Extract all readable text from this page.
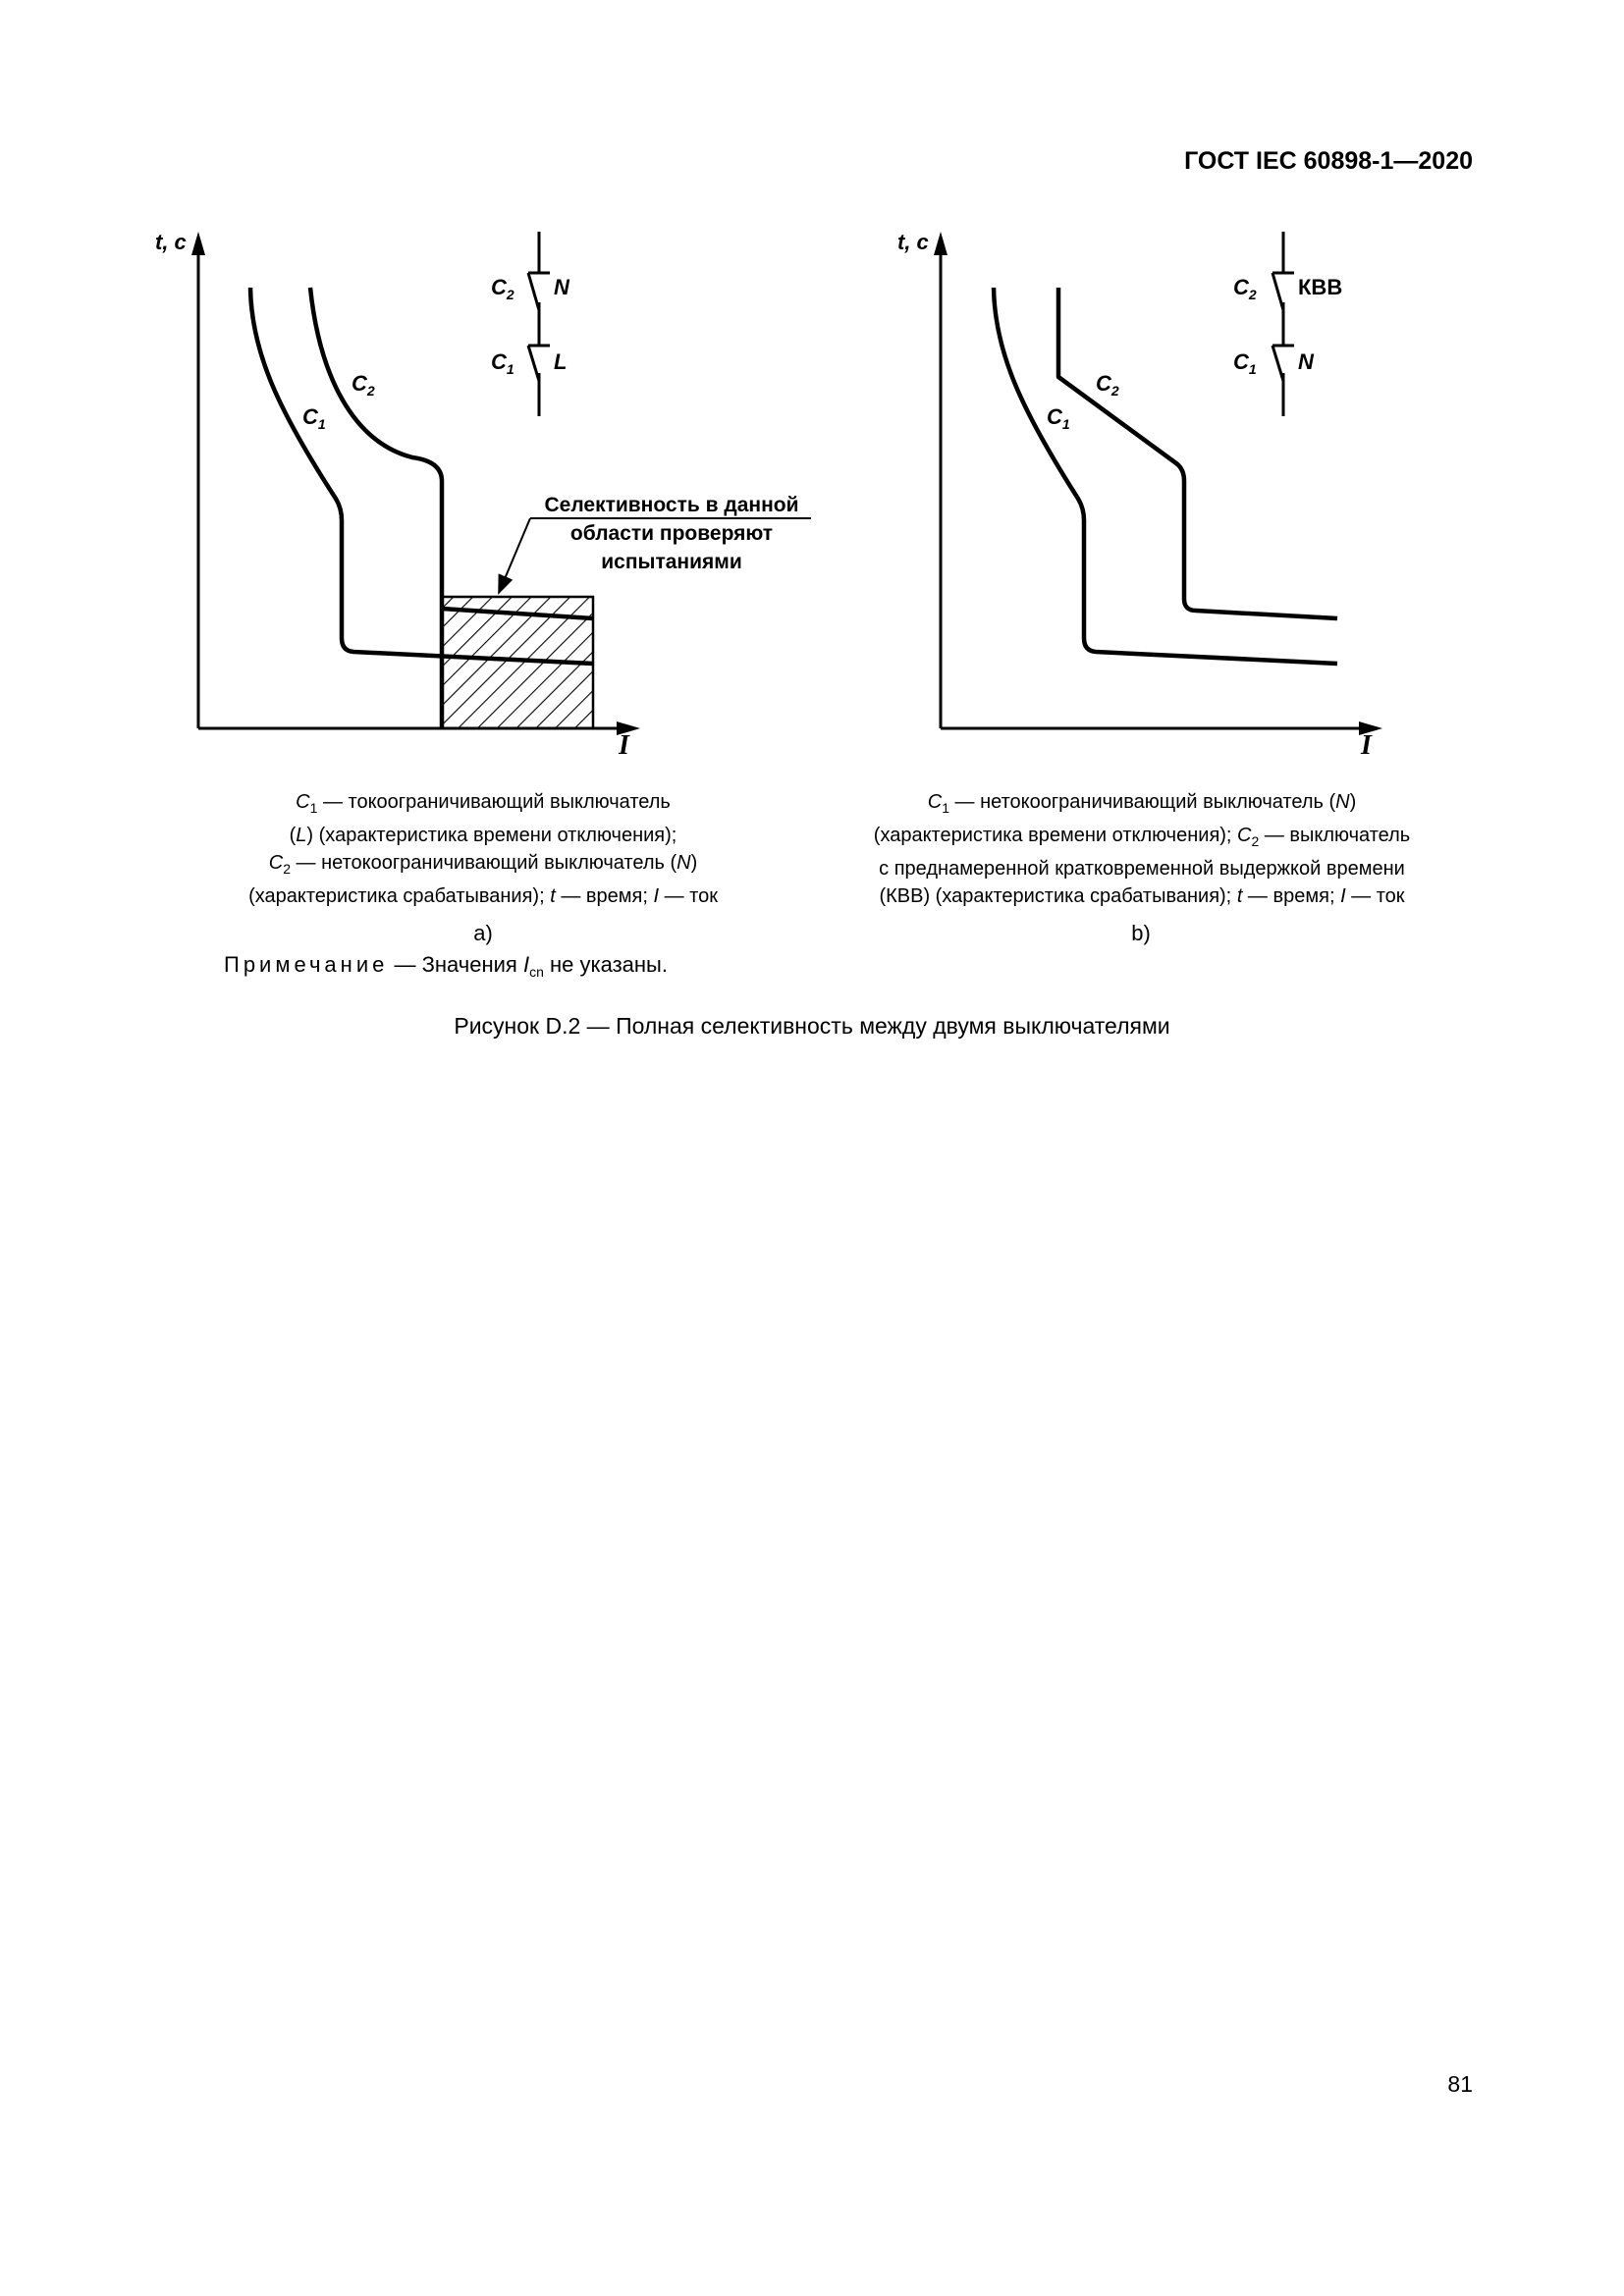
ГОСТ IEC 60898-1—2020
t, c
I
$C_1$
$C_2$
$C_2$ N
$C_1$ L
Селективность в данной
области проверяют
испытаниями
$C_1$ — токоограничивающий выключатель
(L) (характеристика времени отключения);
$C_2$ — нетокоограничивающий выключатель (N)
(характеристика срабатывания); t — время; I — ток
a)
t, c
I
$C_1$
$C_2$
$C_2$ КВВ
$C_1$ N
$C_1$ — нетокоограничивающий выключатель (N)
(характеристика времени отключения); $C_2$ — выключатель
с преднамеренной кратковременной выдержкой времени
(КВВ) (характеристика срабатывания); t — время; I — ток
b)
Примечание — Значения $I_{cn}$ не указаны.
Рисунок D.2 — Полная селективность между двумя выключателями
81
